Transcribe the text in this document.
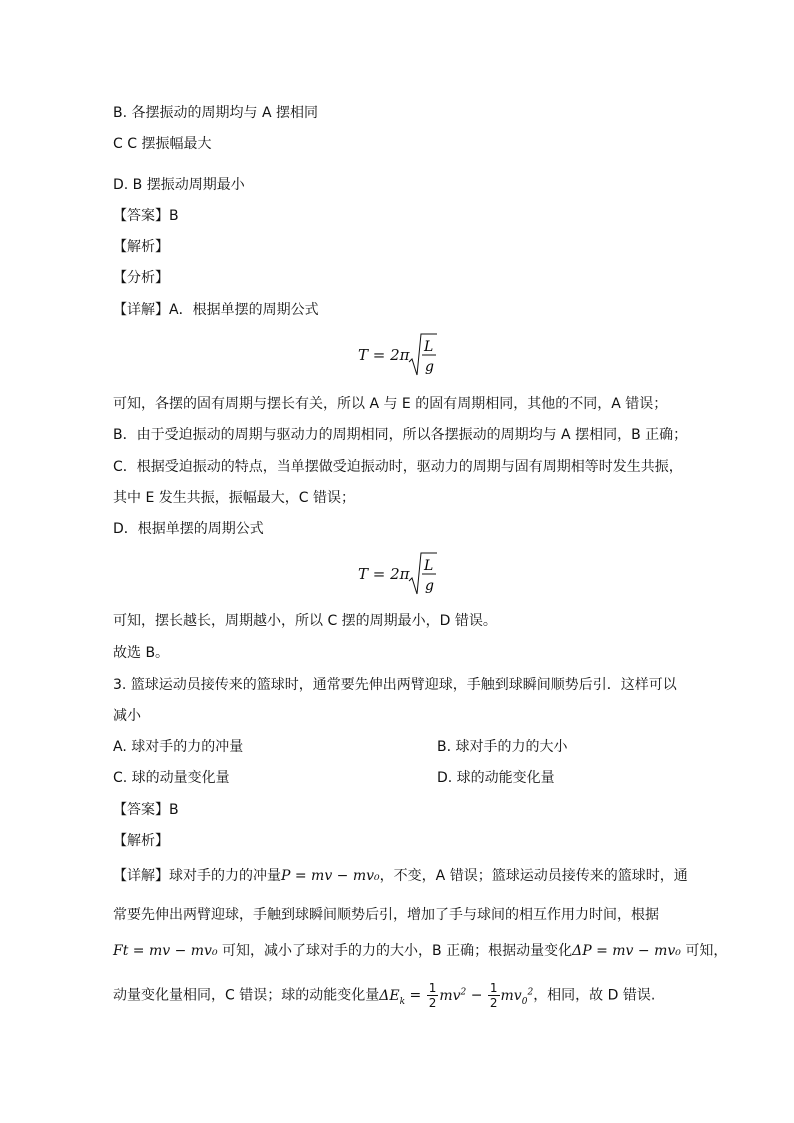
B. 各摆振动的周期均与 A 摆相同
C C 摆振幅最大
D. B 摆振动周期最小
【答案】B
【解析】
【分析】
【详解】A．根据单摆的周期公式
T = 2π L
g
可知，各摆的固有周期与摆长有关，所以 A 与 E 的固有周期相同，其他的不同，A 错误；
B．由于受迫振动的周期与驱动力的周期相同，所以各摆振动的周期均与 A 摆相同，B 正确；
C．根据受迫振动的特点，当单摆做受迫振动时，驱动力的周期与固有周期相等时发生共振，
其中 E 发生共振，振幅最大，C 错误；
D．根据单摆的周期公式
T = 2π L
g
可知，摆长越长，周期越小，所以 C 摆的周期最小，D 错误。
故选 B。
3. 篮球运动员接传来的篮球时，通常要先伸出两臂迎球，手触到球瞬间顺势后引．这样可以
减小
A. 球对手的力的冲量	B. 球对手的力的大小
C. 球的动量变化量	D. 球的动能变化量
【答案】B
【解析】
【详解】球对手的力的冲量P = mv − mv₀，不变，A 错误；篮球运动员接传来的篮球时，通
常要先伸出两臂迎球，手触到球瞬间顺势后引，增加了手与球间的相互作用力时间，根据
Ft = mv − mv₀ 可知，减小了球对手的力的大小，B 正确；根据动量变化ΔP = mv − mv₀ 可知，
动量变化量相同，C 错误；球的动能变化量$\Delta E_k = \frac{1}{2} mv^2 - \frac{1}{2} mv_0^2$，相同，故 D 错误.
